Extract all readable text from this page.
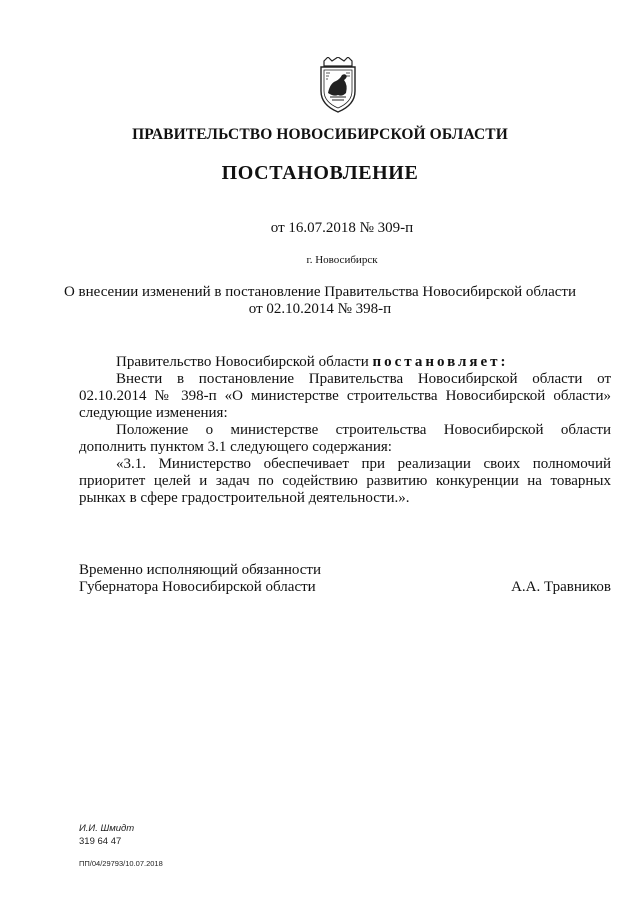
ПРАВИТЕЛЬСТВО НОВОСИБИРСКОЙ ОБЛАСТИ
ПОСТАНОВЛЕНИЕ
от 16.07.2018 № 309-п
г. Новосибирск
О внесении изменений в постановление Правительства Новосибирской области
от 02.10.2014 № 398-п

Правительство Новосибирской области постановляет:

Внести в постановление Правительства Новосибирской области от 02.10.2014 № 398-п «О министерстве строительства Новосибирской области» следующие изменения:

Положение о министерстве строительства Новосибирской области дополнить пунктом 3.1 следующего содержания:

«3.1. Министерство обеспечивает при реализации своих полномочий приоритет целей и задач по содействию развитию конкуренции на товарных рынках в сфере градостроительной деятельности.».

Временно исполняющий обязанности
Губернатора Новосибирской области	А.А. Травников
И.И. Шмидт
319 64 47
ПП/04/29793/10.07.2018
